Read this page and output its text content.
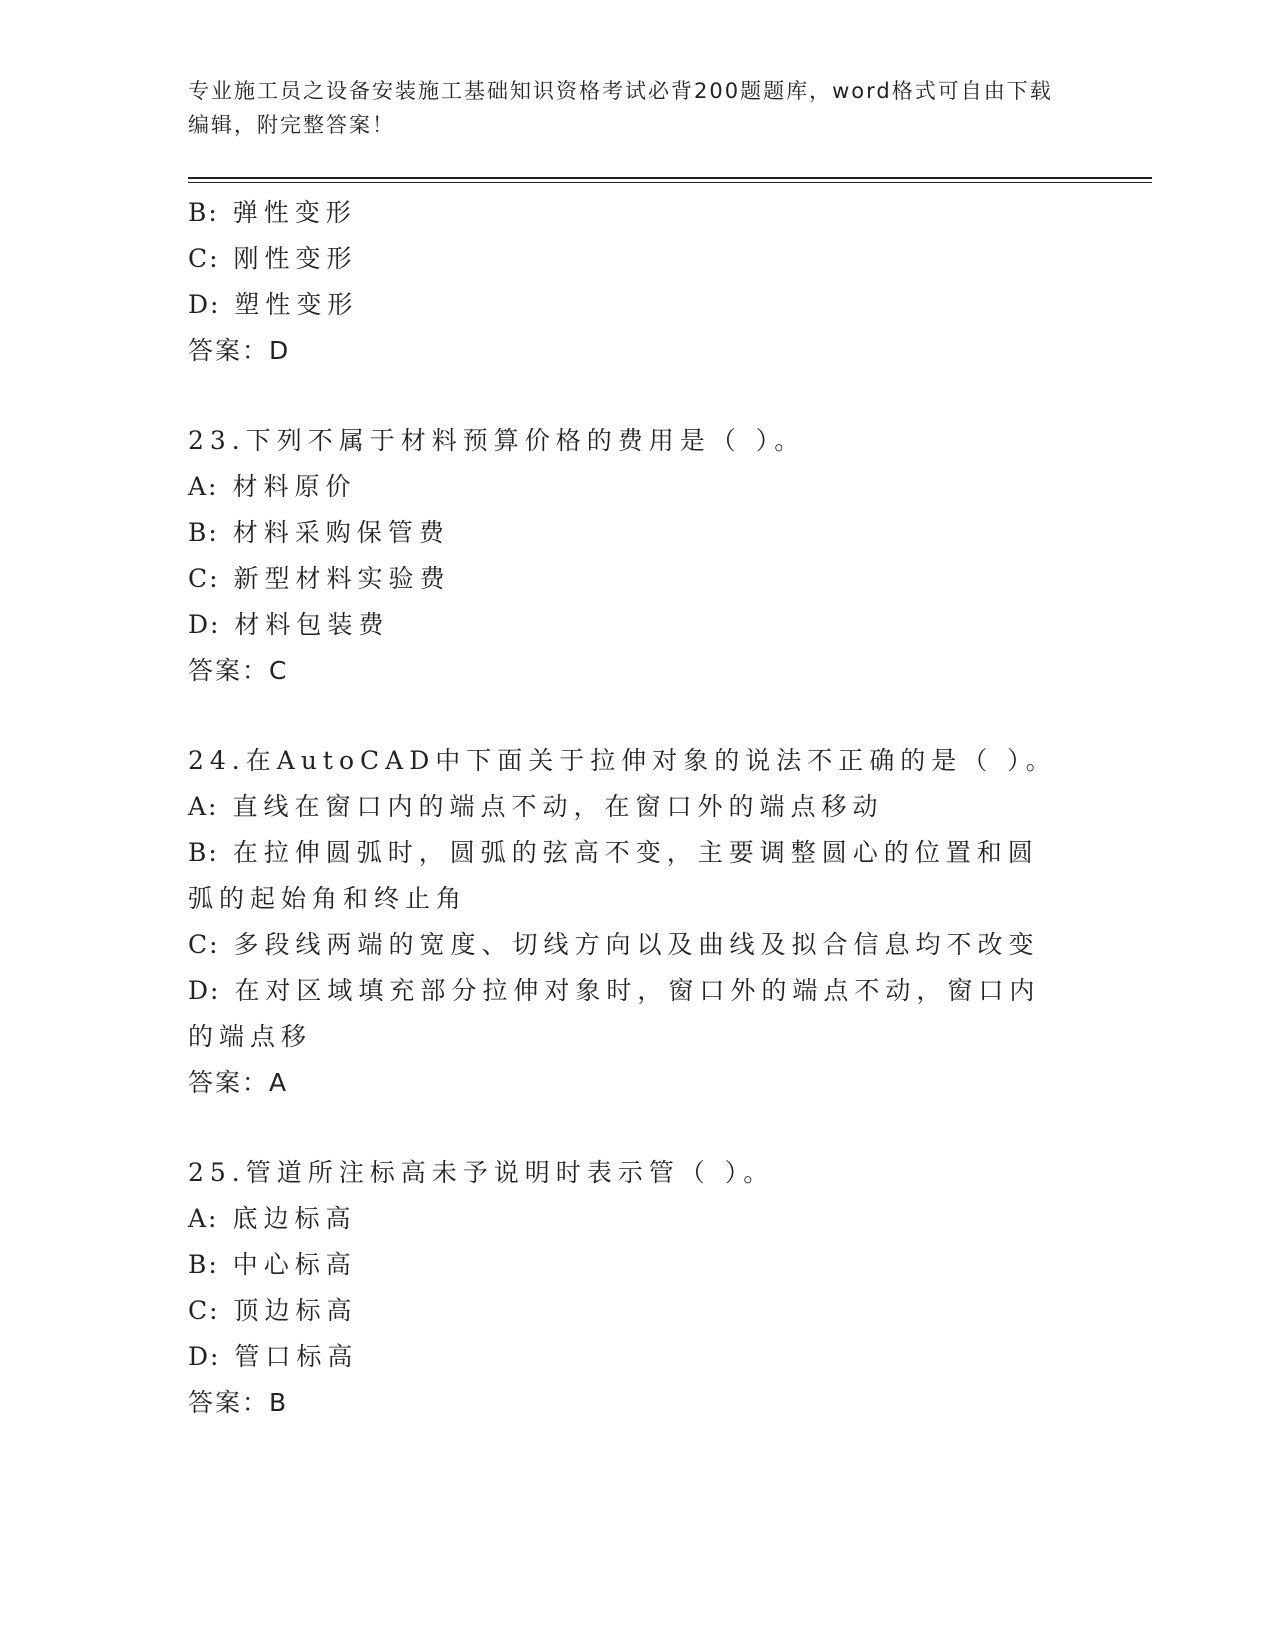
专业施工员之设备安装施工基础知识资格考试必背200题题库，word格式可自由下载编辑，附完整答案！
B: 弹性变形
C: 刚性变形
D: 塑性变形
答案：D
23.下列不属于材料预算价格的费用是（ ）。
A: 材料原价
B: 材料采购保管费
C: 新型材料实验费
D: 材料包装费
答案：C
24.在AutoCAD中下面关于拉伸对象的说法不正确的是（ ）。
A: 直线在窗口内的端点不动，在窗口外的端点移动
B: 在拉伸圆弧时，圆弧的弦高不变，主要调整圆心的位置和圆弧的起始角和终止角
C: 多段线两端的宽度、切线方向以及曲线及拟合信息均不改变
D: 在对区域填充部分拉伸对象时，窗口外的端点不动，窗口内的端点移
答案：A
25.管道所注标高未予说明时表示管（ ）。
A: 底边标高
B: 中心标高
C: 顶边标高
D: 管口标高
答案：B
